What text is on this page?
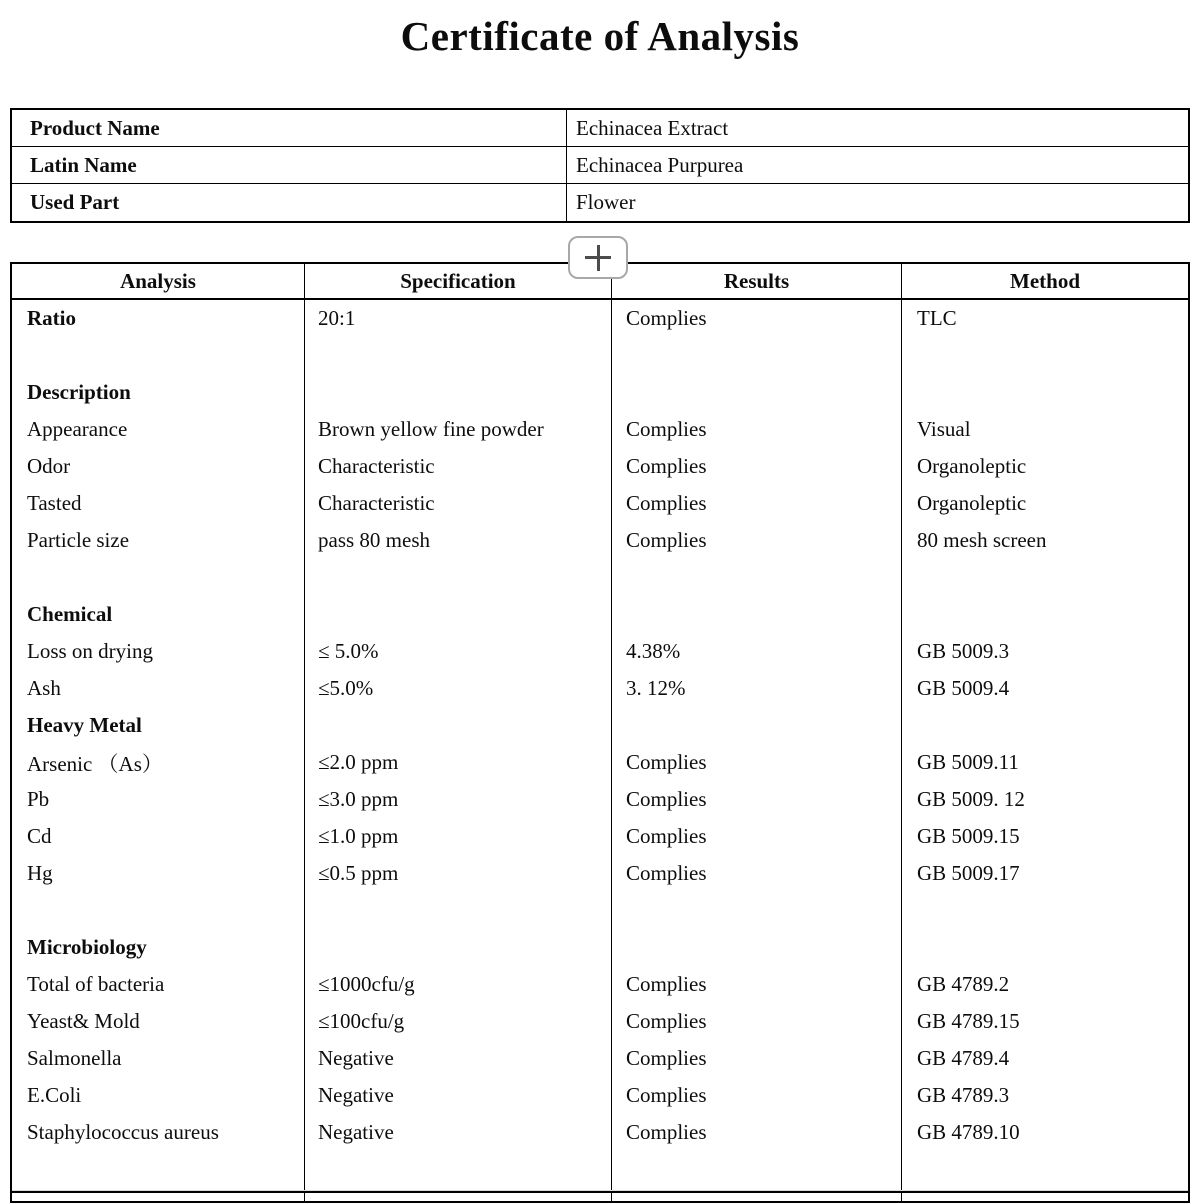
Certificate of Analysis
Product Name	Echinacea Extract
Latin Name	Echinacea Purpurea
Used Part	Flower
Analysis	Specification	Results	Method
Ratio	20:1	Complies	TLC
Description
Appearance	Brown yellow fine powder	Complies	Visual
Odor	Characteristic	Complies	Organoleptic
Tasted	Characteristic	Complies	Organoleptic
Particle size	pass 80 mesh	Complies	80 mesh screen
Chemical
Loss on drying	≤ 5.0%	4.38%	GB 5009.3
Ash	≤5.0%	3. 12%	GB 5009.4
Heavy Metal
Arsenic （As）	≤2.0 ppm	Complies	GB 5009.11
Pb	≤3.0 ppm	Complies	GB 5009. 12
Cd	≤1.0 ppm	Complies	GB 5009.15
Hg	≤0.5 ppm	Complies	GB 5009.17
Microbiology
Total of bacteria	≤1000cfu/g	Complies	GB 4789.2
Yeast& Mold	≤100cfu/g	Complies	GB 4789.15
Salmonella	Negative	Complies	GB 4789.4
E.Coli	Negative	Complies	GB 4789.3
Staphylococcus aureus	Negative	Complies	GB 4789.10
